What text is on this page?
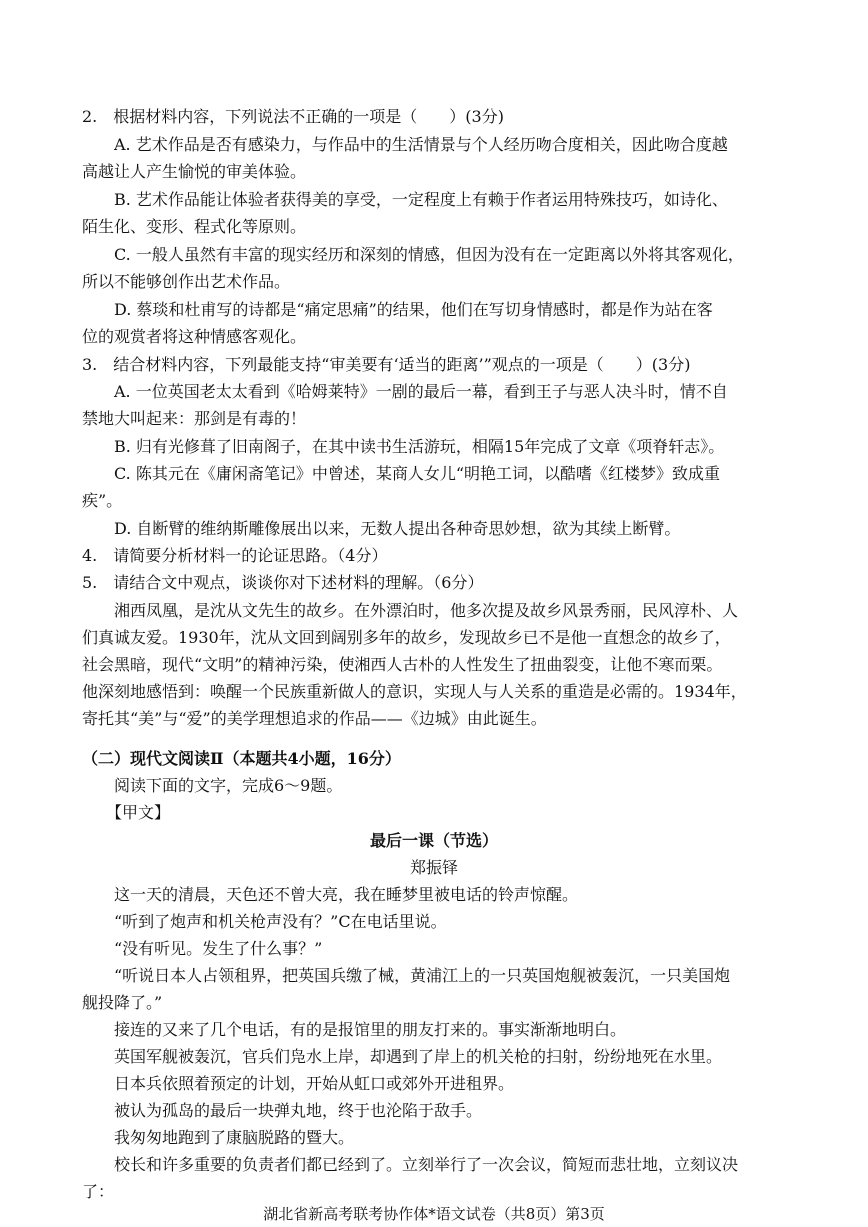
2.　根据材料内容，下列说法不正确的一项是（　　）(3分)
A. 艺术作品是否有感染力，与作品中的生活情景与个人经历吻合度相关，因此吻合度越
高越让人产生愉悦的审美体验。
B. 艺术作品能让体验者获得美的享受，一定程度上有赖于作者运用特殊技巧，如诗化、
陌生化、变形、程式化等原则。
C. 一般人虽然有丰富的现实经历和深刻的情感，但因为没有在一定距离以外将其客观化，
所以不能够创作出艺术作品。
D. 蔡琰和杜甫写的诗都是“痛定思痛”的结果，他们在写切身情感时，都是作为站在客
位的观赏者将这种情感客观化。
3.　结合材料内容，下列最能支持“审美要有‘适当的距离’”观点的一项是（　　）(3分)
A. 一位英国老太太看到《哈姆莱特》一剧的最后一幕，看到王子与恶人决斗时，情不自
禁地大叫起来：那剑是有毒的！
B. 归有光修葺了旧南阁子，在其中读书生活游玩，相隔15年完成了文章《项脊轩志》。
C. 陈其元在《庸闲斋笔记》中曾述，某商人女儿“明艳工词，以酷嗜《红楼梦》致成重
疾”。
D. 自断臂的维纳斯雕像展出以来，无数人提出各种奇思妙想，欲为其续上断臂。
4.　请简要分析材料一的论证思路。（4分）
5.　请结合文中观点，谈谈你对下述材料的理解。（6分）
湘西凤凰，是沈从文先生的故乡。在外漂泊时，他多次提及故乡风景秀丽，民风淳朴、人
们真诚友爱。1930年，沈从文回到阔别多年的故乡，发现故乡已不是他一直想念的故乡了，
社会黑暗，现代“文明”的精神污染，使湘西人古朴的人性发生了扭曲裂变，让他不寒而栗。
他深刻地感悟到：唤醒一个民族重新做人的意识，实现人与人关系的重造是必需的。1934年，
寄托其“美”与“爱”的美学理想追求的作品——《边城》由此诞生。
（二）现代文阅读Ⅱ（本题共4小题，16分）
阅读下面的文字，完成6～9题。
【甲文】
最后一课（节选）
郑振铎
这一天的清晨，天色还不曾大亮，我在睡梦里被电话的铃声惊醒。
“听到了炮声和机关枪声没有？”C在电话里说。
“没有听见。发生了什么事？”
“听说日本人占领租界，把英国兵缴了械，黄浦江上的一只英国炮舰被轰沉，一只美国炮
舰投降了。”
接连的又来了几个电话，有的是报馆里的朋友打来的。事实渐渐地明白。
英国军舰被轰沉，官兵们凫水上岸，却遇到了岸上的机关枪的扫射，纷纷地死在水里。
日本兵依照着预定的计划，开始从虹口或郊外开进租界。
被认为孤岛的最后一块弹丸地，终于也沦陷于敌手。
我匆匆地跑到了康脑脱路的暨大。
校长和许多重要的负责者们都已经到了。立刻举行了一次会议，简短而悲壮地，立刻议决
了：
湖北省新高考联考协作体*语文试卷（共8页）第3页
